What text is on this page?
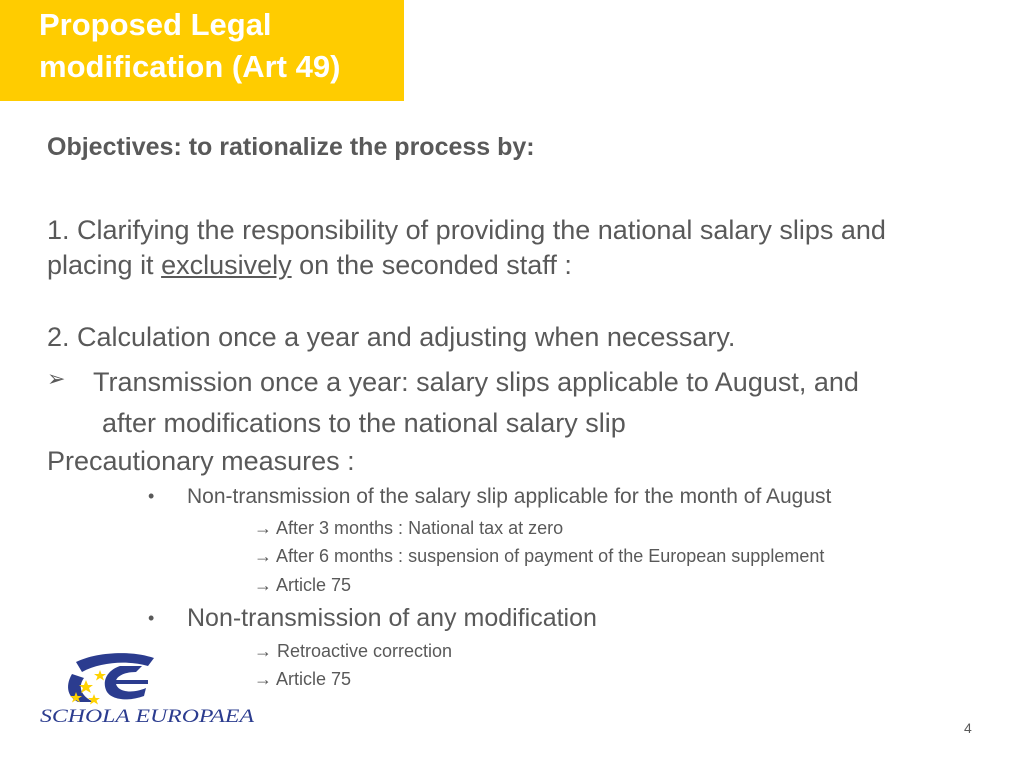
Proposed Legal modification (Art 49)
Objectives: to rationalize the process by:
1. Clarifying the responsibility of providing the national salary slips and placing it exclusively on the seconded staff :
2. Calculation once a year and adjusting when necessary.
➢ Transmission once a year: salary slips applicable to August, and
after modifications to the national salary slip
Precautionary measures :
• Non-transmission of the salary slip applicable for the month of August
→ After 3 months : National tax at zero
→ After 6 months : suspension of payment of the European supplement
→ Article 75
• Non-transmission of any modification
→ Retroactive correction
→ Article 75
SCHOLA EUROPAEA
4
